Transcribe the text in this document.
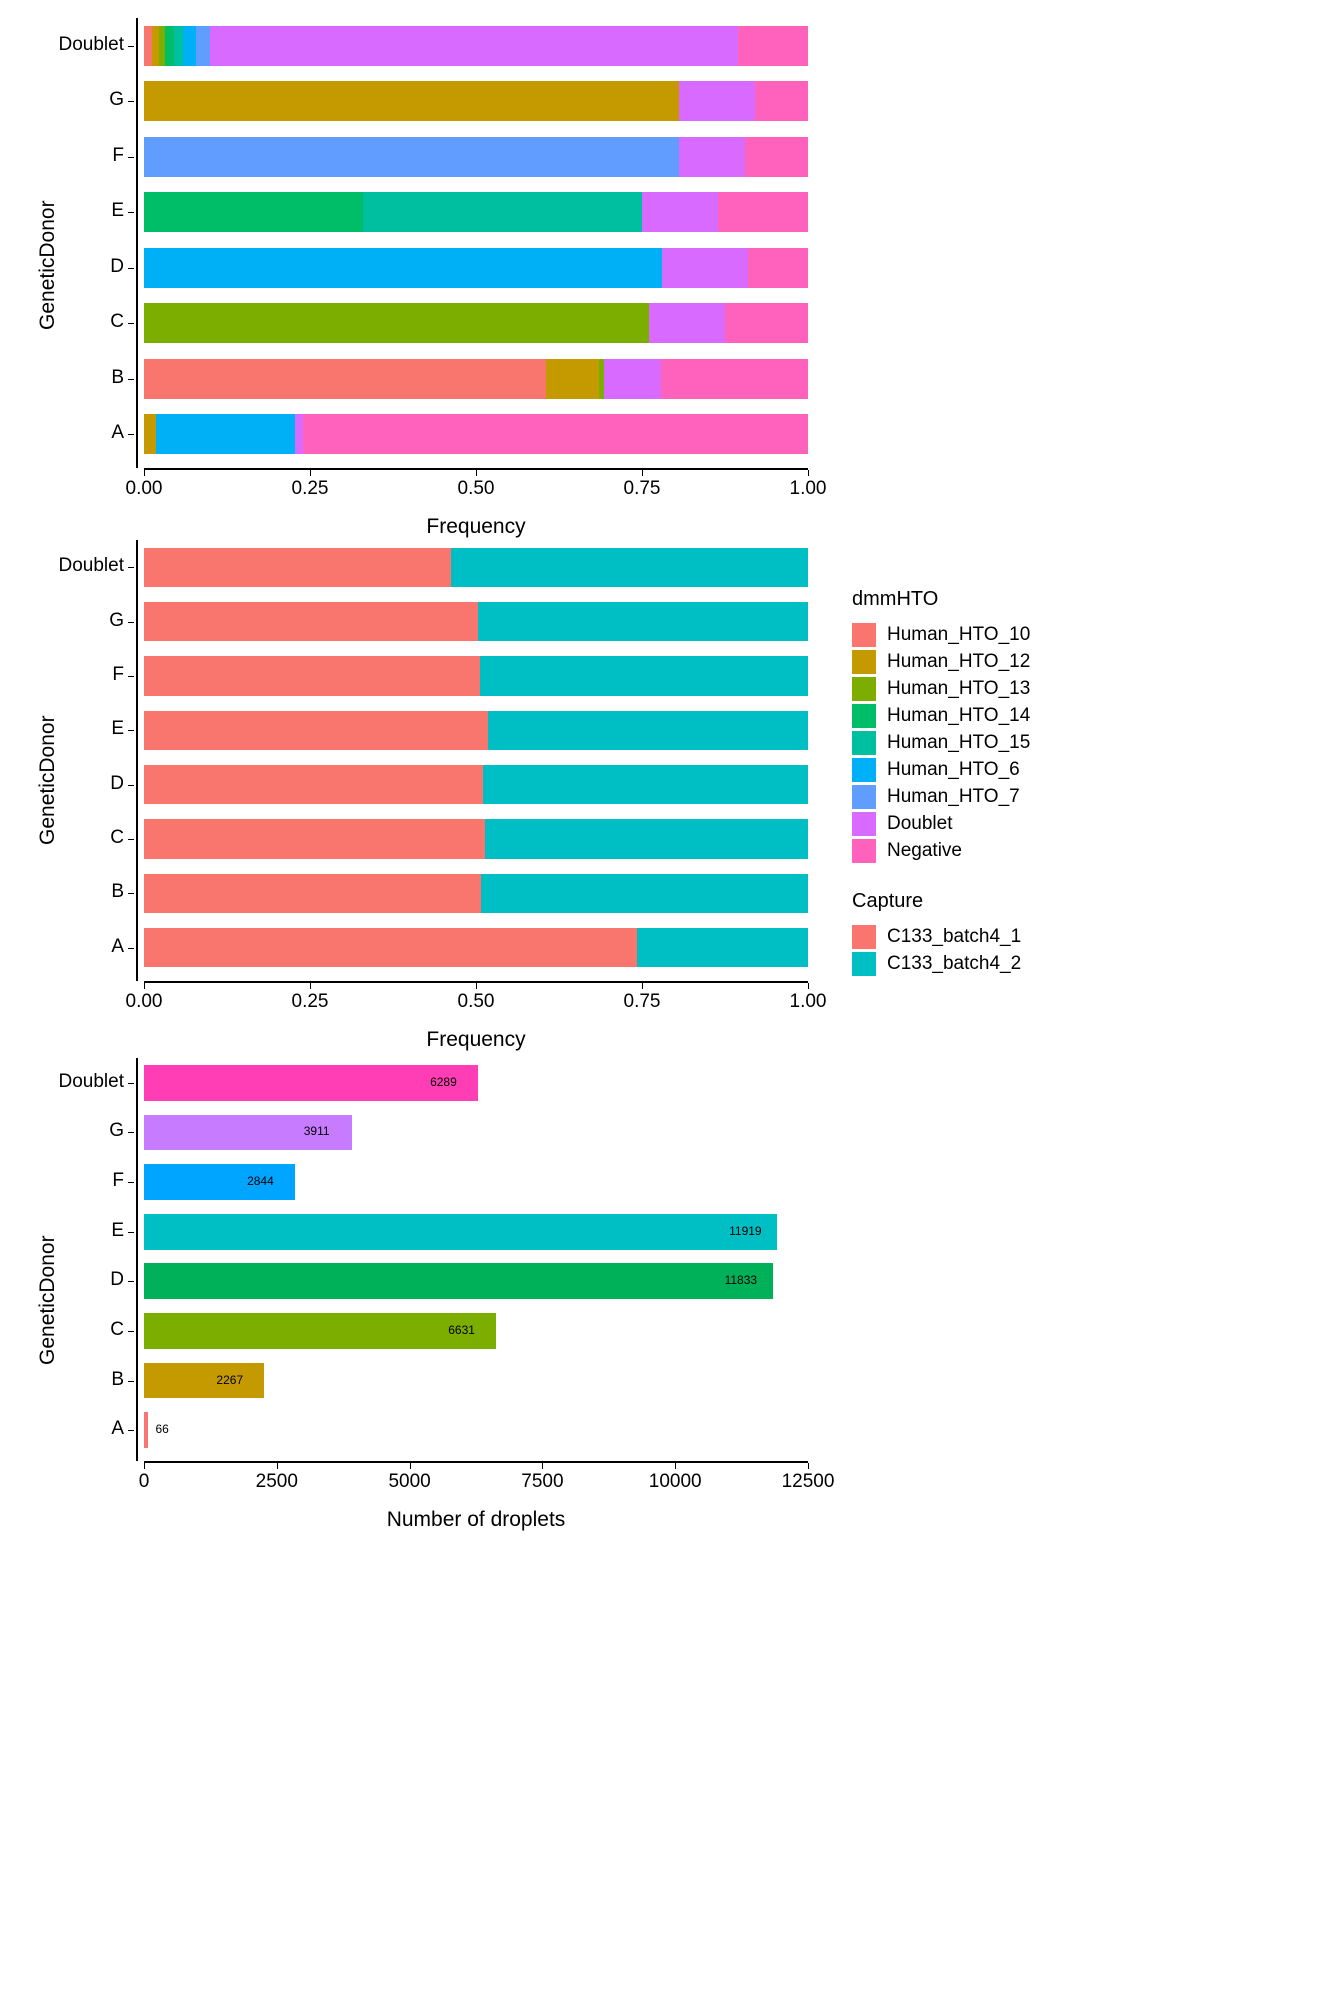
GeneticDonor
0.00	0.25	0.50	0.75	1.00
Frequency
Doublet
G
F
E
D
C
B
A
GeneticDonor
0.00	0.25	0.50	0.75	1.00
Frequency
Doublet
G
F
E
D
C
B
A
GeneticDonor
0	2500	5000	7500	10000	12500
Number of droplets
Doublet	6289
G	3911
F	2844
E	11919
D	11833
C	6631
B	2267
A	66
dmmHTO
Human_HTO_10
Human_HTO_12
Human_HTO_13
Human_HTO_14
Human_HTO_15
Human_HTO_6
Human_HTO_7
Doublet
Negative
Capture
C133_batch4_1
C133_batch4_2
